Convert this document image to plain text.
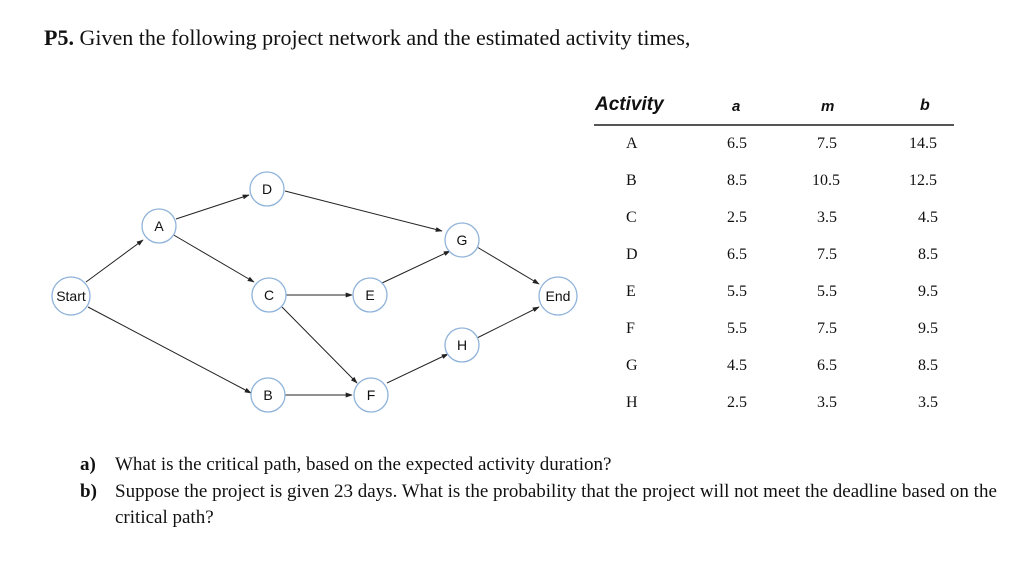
P5. Given the following project network and the estimated activity times,
Start
A
D
C
B
E
F
G
H
End
Activity	a	m	b
A	6.5	7.5	14.5
B	8.5	10.5	12.5
C	2.5	3.5	4.5
D	6.5	7.5	8.5
E	5.5	5.5	9.5
F	5.5	7.5	9.5
G	4.5	6.5	8.5
H	2.5	3.5	3.5
a) What is the critical path, based on the expected activity duration?
b) Suppose the project is given 23 days. What is the probability that the project will not meet the deadline based on the critical path?
